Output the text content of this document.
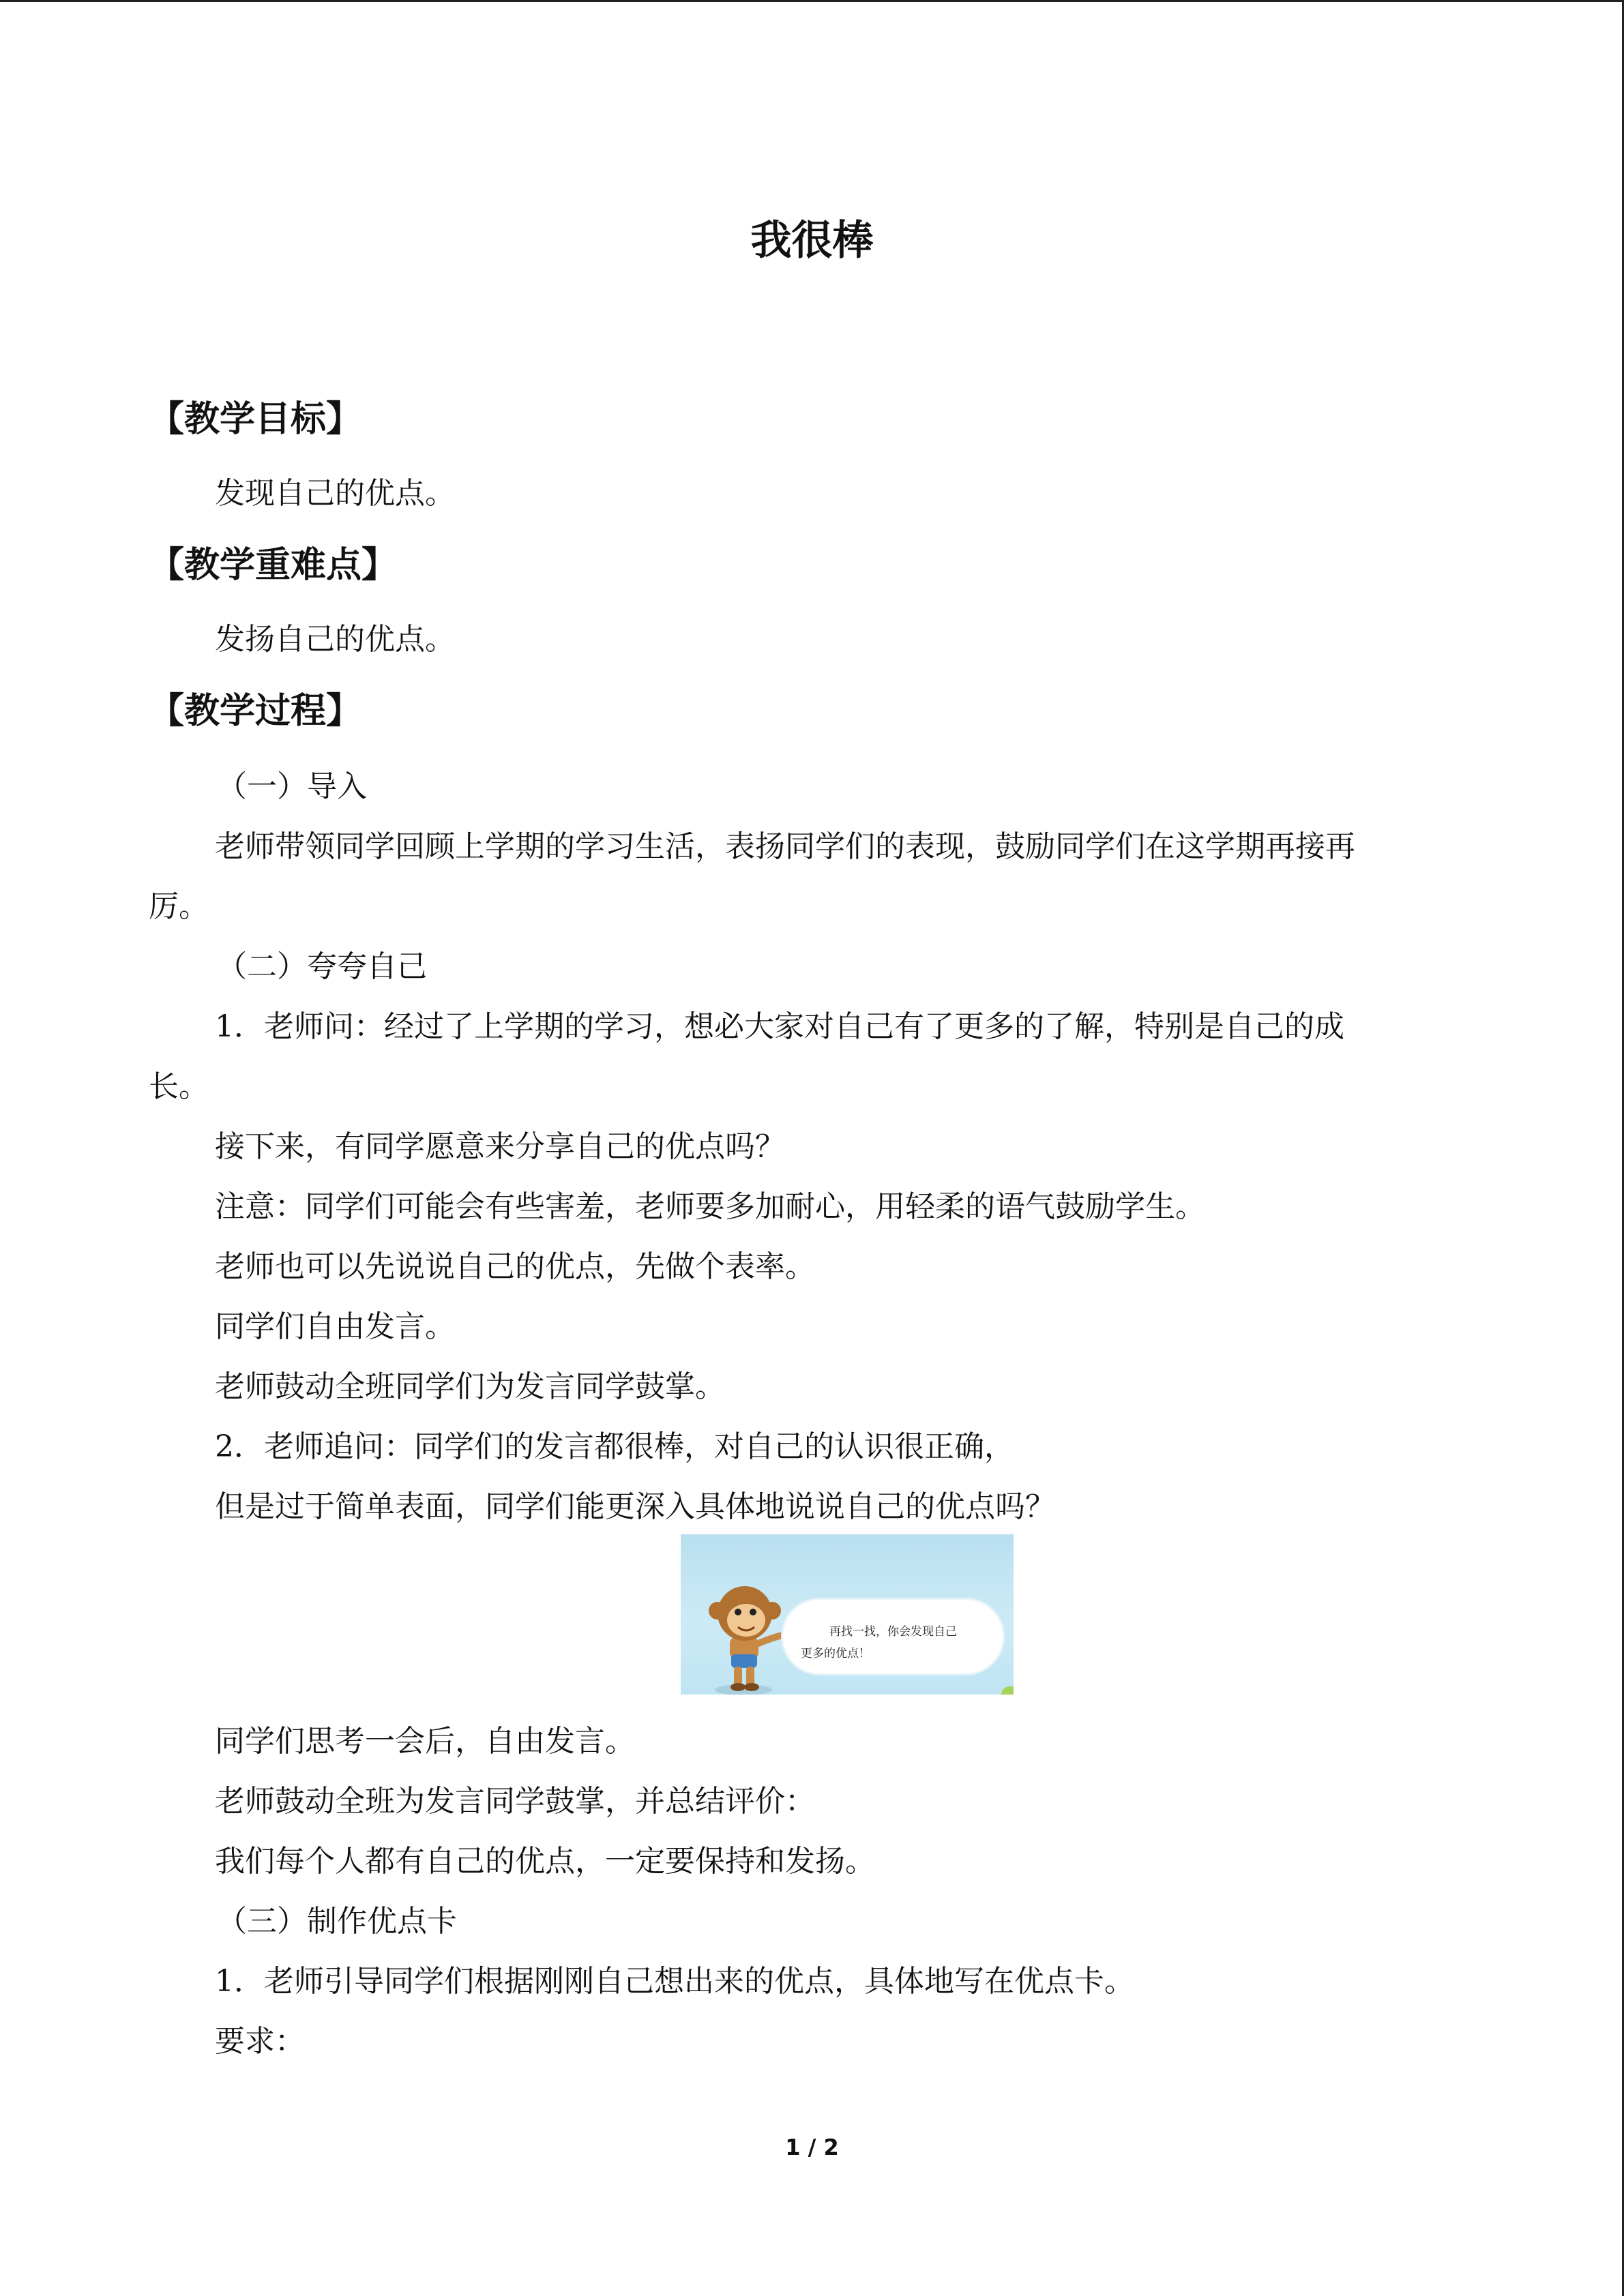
我很棒
【教学目标】
发现自己的优点。
【教学重难点】
发扬自己的优点。
【教学过程】
（一）导入
老师带领同学回顾上学期的学习生活，表扬同学们的表现，鼓励同学们在这学期再接再
厉。
（二）夸夸自己
1．老师问：经过了上学期的学习，想必大家对自己有了更多的了解，特别是自己的成
长。
接下来，有同学愿意来分享自己的优点吗？
注意：同学们可能会有些害羞，老师要多加耐心，用轻柔的语气鼓励学生。
老师也可以先说说自己的优点，先做个表率。
同学们自由发言。
老师鼓动全班同学们为发言同学鼓掌。
2．老师追问：同学们的发言都很棒，对自己的认识很正确，
但是过于简单表面，同学们能更深入具体地说说自己的优点吗？
再找一找，你会发现自己
更多的优点！
同学们思考一会后，自由发言。
老师鼓动全班为发言同学鼓掌，并总结评价：
我们每个人都有自己的优点，一定要保持和发扬。
（三）制作优点卡
1．老师引导同学们根据刚刚自己想出来的优点，具体地写在优点卡。
要求：
1 / 2
